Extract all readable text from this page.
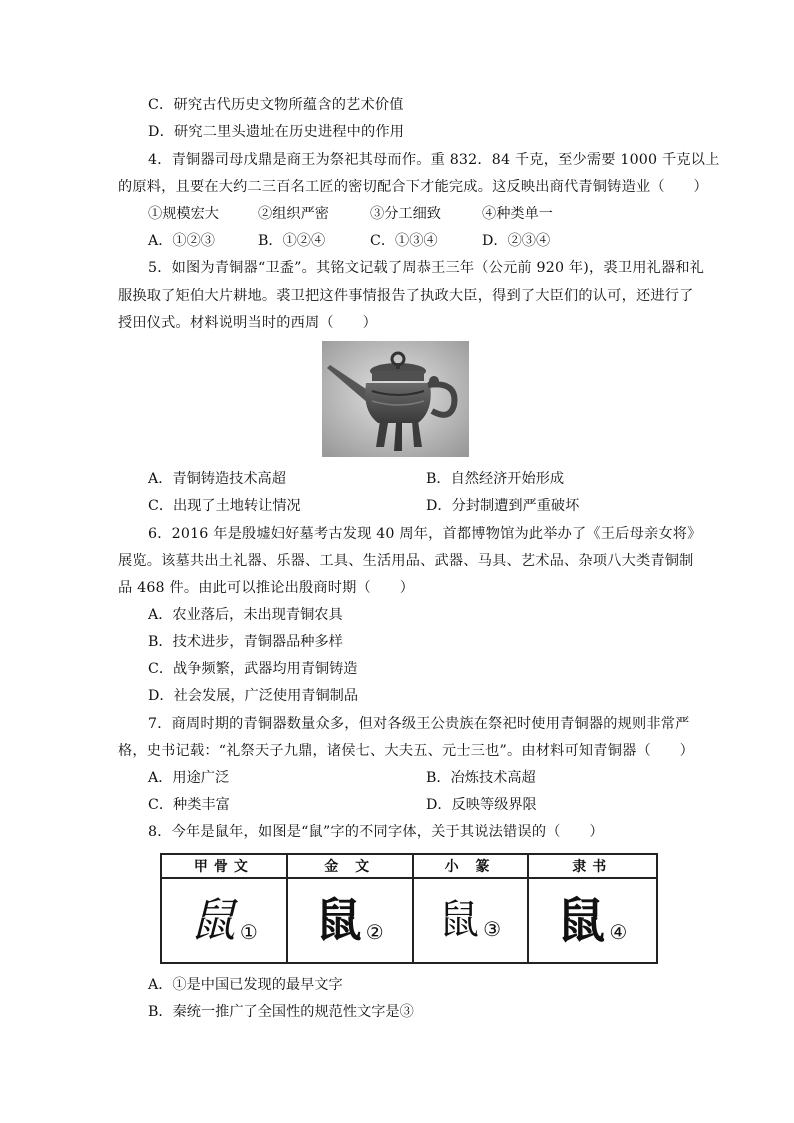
C．研究古代历史文物所蕴含的艺术价值
D．研究二里头遗址在历史进程中的作用
4．青铜器司母戊鼎是商王为祭祀其母而作。重 832．84 千克，至少需要 1000 千克以上
的原料，且要在大约二三百名工匠的密切配合下才能完成。这反映出商代青铜铸造业（　　）
①规模宏大	②组织严密	③分工细致	④种类单一
A．①②③	B．①②④	C．①③④	D．②③④
5．如图为青铜器“卫盉”。其铭文记载了周恭王三年（公元前 920 年)，裘卫用礼器和礼
服换取了矩伯大片耕地。裘卫把这件事情报告了执政大臣，得到了大臣们的认可，还进行了
授田仪式。材料说明当时的西周（　　）
A．青铜铸造技术高超	B．自然经济开始形成
C．出现了土地转让情况	D．分封制遭到严重破坏
6．2016 年是殷墟妇好墓考古发现 40 周年，首都博物馆为此举办了《王后母亲女将》
展览。该墓共出土礼器、乐器、工具、生活用品、武器、马具、艺术品、杂项八大类青铜制
品 468 件。由此可以推论出殷商时期（　　）
A．农业落后，未出现青铜农具
B．技术进步，青铜器品种多样
C．战争频繁，武器均用青铜铸造
D．社会发展，广泛使用青铜制品
7．商周时期的青铜器数量众多，但对各级王公贵族在祭祀时使用青铜器的规则非常严
格，史书记载：“礼祭天子九鼎，诸侯七、大夫五、元士三也”。由材料可知青铜器（　　）
A．用途广泛	B．冶炼技术高超
C．种类丰富	D．反映等级界限
8．今年是鼠年，如图是“鼠”字的不同字体，关于其说法错误的（　　）
甲骨文	金 文	小 篆	隶书
鼠 ①	鼠 ②	鼠 ③	鼠 ④
A．①是中国已发现的最早文字
B．秦统一推广了全国性的规范性文字是③
